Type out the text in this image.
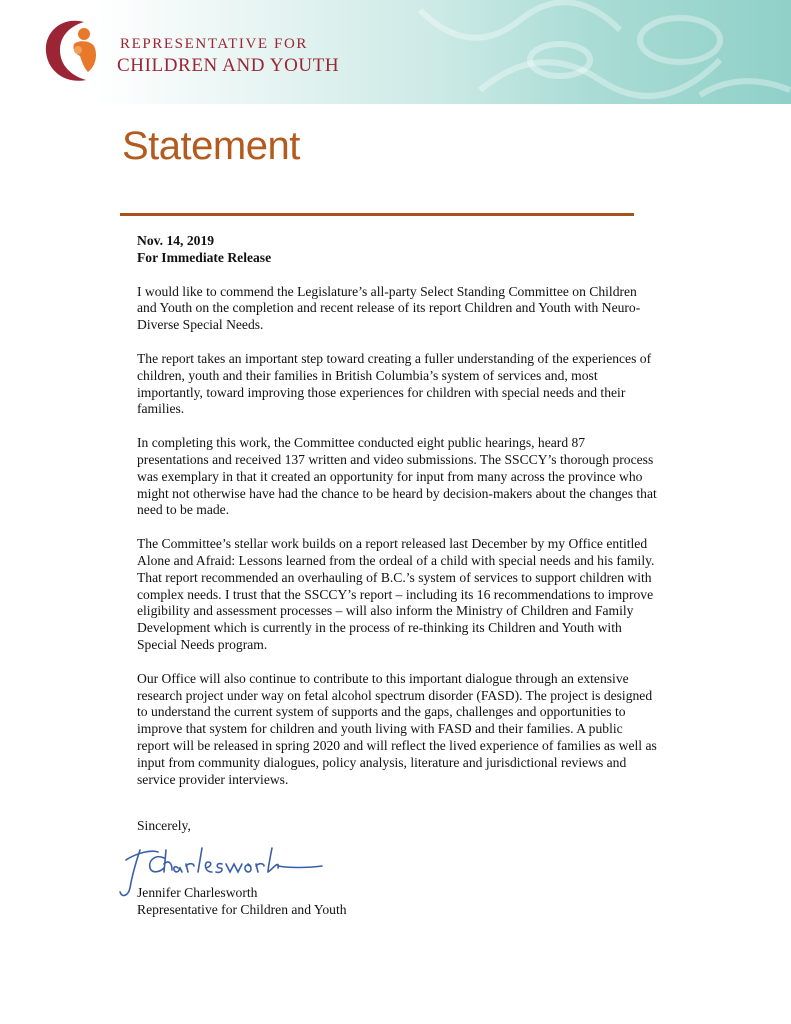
REPRESENTATIVE FOR
CHILDREN AND YOUTH
Statement
Nov. 14, 2019
For Immediate Release

I would like to commend the Legislature’s all-party Select Standing Committee on Children and Youth on the completion and recent release of its report Children and Youth with Neuro-Diverse Special Needs.

The report takes an important step toward creating a fuller understanding of the experiences of children, youth and their families in British Columbia’s system of services and, most importantly, toward improving those experiences for children with special needs and their families.

In completing this work, the Committee conducted eight public hearings, heard 87 presentations and received 137 written and video submissions. The SSCCY’s thorough process was exemplary in that it created an opportunity for input from many across the province who might not otherwise have had the chance to be heard by decision-makers about the changes that need to be made.

The Committee’s stellar work builds on a report released last December by my Office entitled Alone and Afraid: Lessons learned from the ordeal of a child with special needs and his family. That report recommended an overhauling of B.C.’s system of services to support children with complex needs. I trust that the SSCCY’s report – including its 16 recommendations to improve eligibility and assessment processes – will also inform the Ministry of Children and Family Development which is currently in the process of re-thinking its Children and Youth with Special Needs program.

Our Office will also continue to contribute to this important dialogue through an extensive research project under way on fetal alcohol spectrum disorder (FASD). The project is designed to understand the current system of supports and the gaps, challenges and opportunities to improve that system for children and youth living with FASD and their families. A public report will be released in spring 2020 and will reflect the lived experience of families as well as input from community dialogues, policy analysis, literature and jurisdictional reviews and service provider interviews.

Sincerely,
Jennifer Charlesworth
Representative for Children and Youth
